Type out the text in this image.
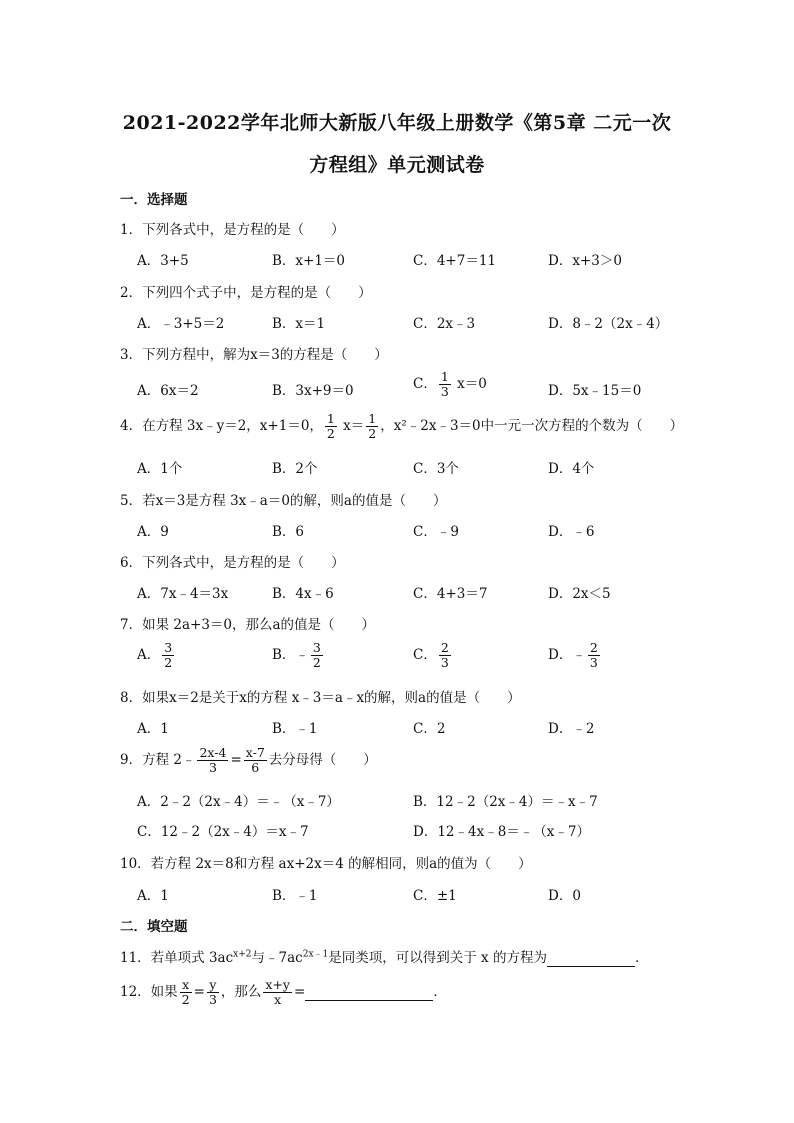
2021-2022学年北师大新版八年级上册数学《第5章 二元一次
方程组》单元测试卷
一．选择题
1．下列各式中，是方程的是（　　）
A．3+5	B．x+1＝0	C．4+7＝11	D．x+3＞0
2．下列四个式子中，是方程的是（　　）
A．﹣3+5＝2	B．x＝1	C．2x﹣3	D．8﹣2（2x﹣4）
3．下列方程中，解为x＝3的方程是（　　）
A．6x＝2	B．3x+9＝0	C． $\frac{1}{3} x=0$	D．5x﹣15＝0
4．在方程 3x﹣y＝2，x+1＝0， $\frac{1}{2} x= \frac{1}{2}$ ，x²﹣2x﹣3＝0中一元一次方程的个数为（　　）
A．1个	B．2个	C．3个	D．4个
5．若x＝3是方程 3x﹣a＝0的解，则a的值是（　　）
A．9	B．6	C．﹣9	D．﹣6
6．下列各式中，是方程的是（　　）
A．7x﹣4＝3x	B．4x﹣6	C．4+3＝7	D．2x＜5
7．如果 2a+3＝0，那么a的值是（　　）
A． $\frac{3}{2}$	B．﹣ $\frac{3}{2}$	C． $\frac{2}{3}$	D．﹣ $\frac{2}{3}$
8．如果x＝2是关于x的方程 x﹣3＝a﹣x的解，则a的值是（　　）
A．1	B．﹣1	C．2	D．﹣2
9．方程 2﹣ $\frac{2x-4}{3} = \frac{x-7}{6}$ 去分母得（　　）
A．2﹣2（2x﹣4）＝﹣（x﹣7）	B．12﹣2（2x﹣4）＝﹣x﹣7
C．12﹣2（2x﹣4）＝x﹣7	D．12﹣4x﹣8＝﹣（x﹣7）
10．若方程 2x＝8和方程 ax+2x＝4 的解相同，则a的值为（　　）
A．1	B．﹣1	C．±1	D．0
二．填空题
11．若单项式 $3ac^{x+2}$与$﹣7ac^{2x﹣1}$是同类项，可以得到关于 x 的方程为	．
12．如果 $\frac{x}{2} = \frac{y}{3}$ ，那么 $\frac{x+y}{x}$ =	．
